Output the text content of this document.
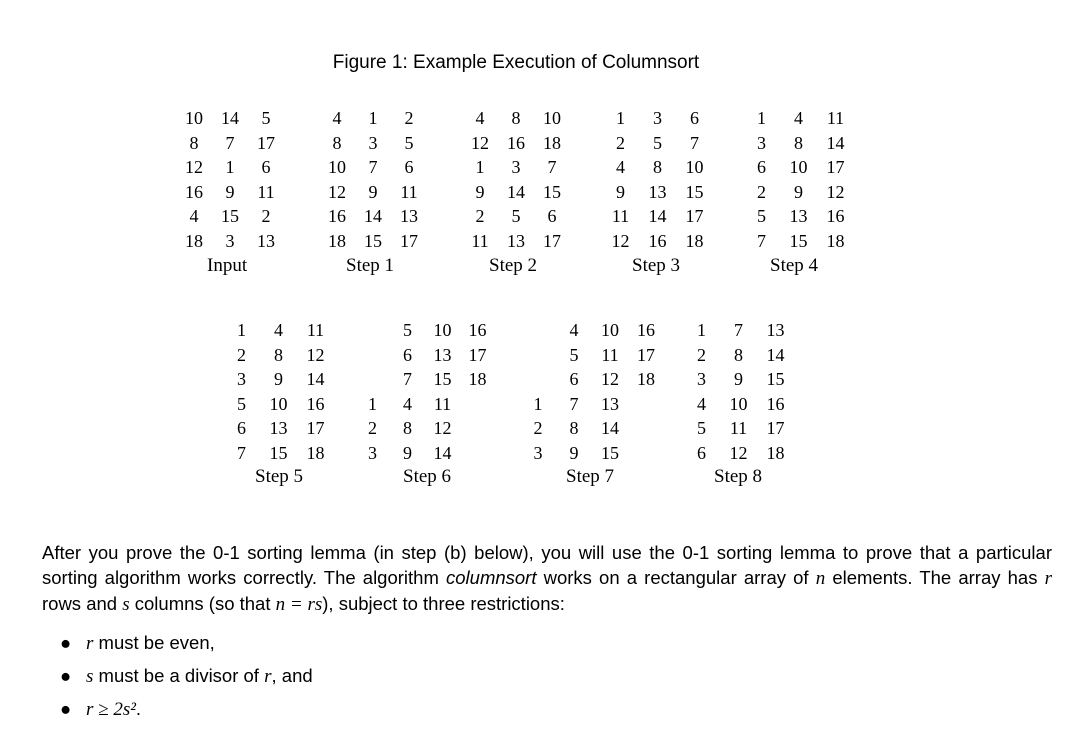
Figure 1: Example Execution of Columnsort
10	14	5
8	7	17
12	1	6
16	9	11
4	15	2
18	3	13
Input
4	1	2
8	3	5
10	7	6
12	9	11
16	14	13
18	15	17
Step 1
4	8	10
12	16	18
1	3	7
9	14	15
2	5	6
11	13	17
Step 2
1	3	6
2	5	7
4	8	10
9	13	15
11	14	17
12	16	18
Step 3
1	4	11
3	8	14
6	10	17
2	9	12
5	13	16
7	15	18
Step 4
1	4	11
2	8	12
3	9	14
5	10	16
6	13	17
7	15	18
Step 5
5	10 16
6	13 17
7	15 18
1	4	11
2	8	12
3	9	14
Step 6
4	10	16
5	11	17
6	12	18
1	7	13
2	8	14
3	9	15
Step 7
1	7	13
2	8	14
3	9	15
4	10	16
5	11	17
6	12	18
Step 8
After you prove the 0-1 sorting lemma (in step (b) below), you will use the 0-1 sorting lemma to prove that a particular sorting algorithm works correctly. The algorithm columnsort works on a rectangular array of n elements. The array has r rows and s columns (so that n = rs), subject to three restrictions:
● r must be even,
● s must be a divisor of r, and
● r ≥ 2s².
